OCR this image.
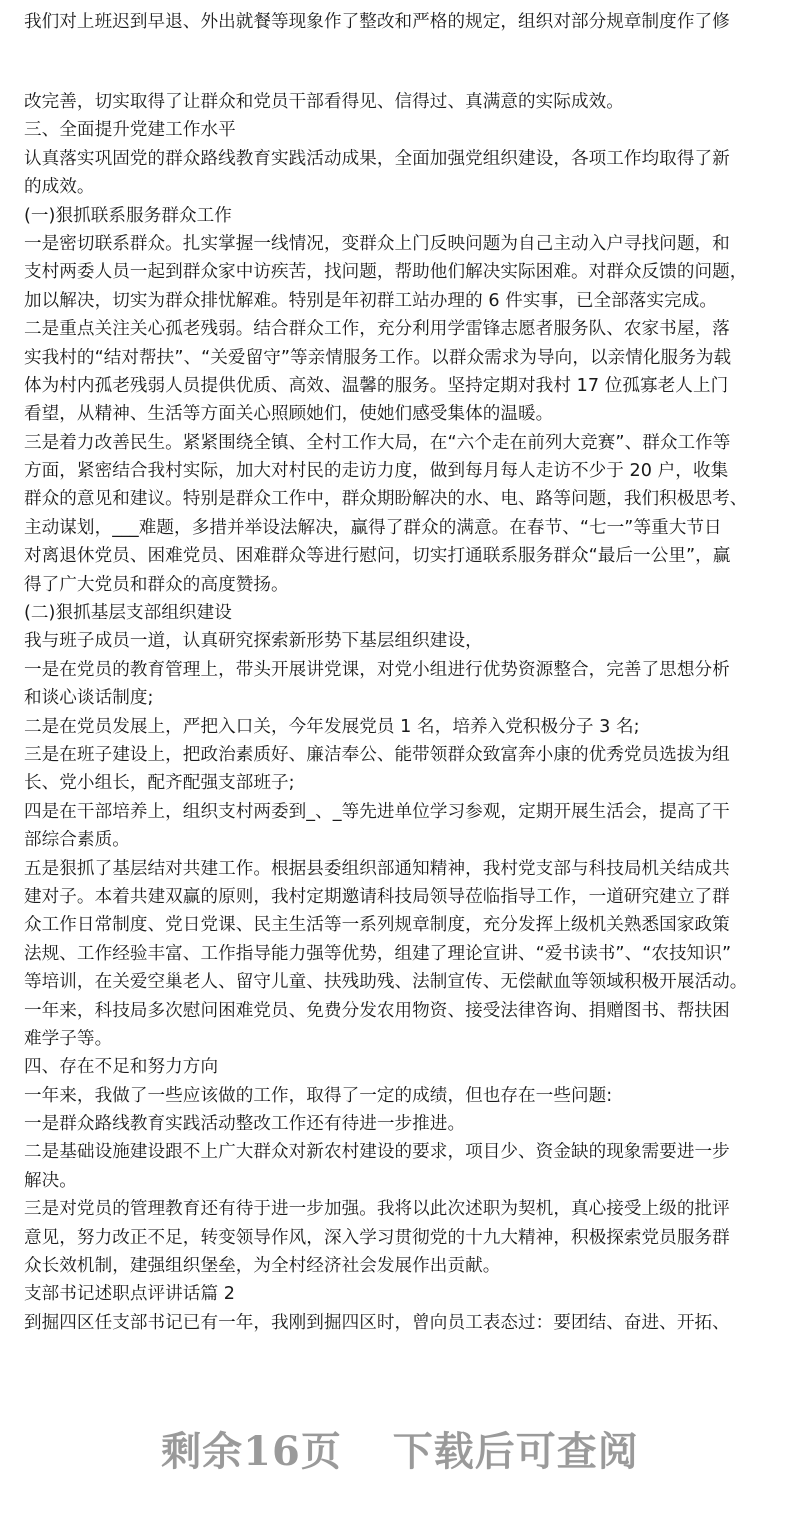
我们对上班迟到早退、外出就餐等现象作了整改和严格的规定，组织对部分规章制度作了修
改完善，切实取得了让群众和党员干部看得见、信得过、真满意的实际成效。
三、全面提升党建工作水平
认真落实巩固党的群众路线教育实践活动成果，全面加强党组织建设，各项工作均取得了新
的成效。
(一)狠抓联系服务群众工作
一是密切联系群众。扎实掌握一线情况，变群众上门反映问题为自己主动入户寻找问题，和
支村两委人员一起到群众家中访疾苦，找问题，帮助他们解决实际困难。对群众反馈的问题，
加以解决，切实为群众排忧解难。特别是年初群工站办理的 6 件实事，已全部落实完成。
二是重点关注关心孤老残弱。结合群众工作，充分利用学雷锋志愿者服务队、农家书屋，落
实我村的“结对帮扶”、“关爱留守”等亲情服务工作。以群众需求为导向，以亲情化服务为载
体为村内孤老残弱人员提供优质、高效、温馨的服务。坚持定期对我村 17 位孤寡老人上门
看望，从精神、生活等方面关心照顾她们，使她们感受集体的温暖。
三是着力改善民生。紧紧围绕全镇、全村工作大局，在“六个走在前列大竞赛”、群众工作等
方面，紧密结合我村实际，加大对村民的走访力度，做到每月每人走访不少于 20 户，收集
群众的意见和建议。特别是群众工作中，群众期盼解决的水、电、路等问题，我们积极思考、
主动谋划，___难题，多措并举设法解决，赢得了群众的满意。在春节、“七一”等重大节日
对离退休党员、困难党员、困难群众等进行慰问，切实打通联系服务群众“最后一公里”，赢
得了广大党员和群众的高度赞扬。
(二)狠抓基层支部组织建设
我与班子成员一道，认真研究探索新形势下基层组织建设，
一是在党员的教育管理上，带头开展讲党课，对党小组进行优势资源整合，完善了思想分析
和谈心谈话制度;
二是在党员发展上，严把入口关，今年发展党员 1 名，培养入党积极分子 3 名;
三是在班子建设上，把政治素质好、廉洁奉公、能带领群众致富奔小康的优秀党员选拔为组
长、党小组长，配齐配强支部班子;
四是在干部培养上，组织支村两委到_、_等先进单位学习参观，定期开展生活会，提高了干
部综合素质。
五是狠抓了基层结对共建工作。根据县委组织部通知精神，我村党支部与科技局机关结成共
建对子。本着共建双赢的原则，我村定期邀请科技局领导莅临指导工作，一道研究建立了群
众工作日常制度、党日党课、民主生活等一系列规章制度，充分发挥上级机关熟悉国家政策
法规、工作经验丰富、工作指导能力强等优势，组建了理论宣讲、“爱书读书”、“农技知识”
等培训，在关爱空巢老人、留守儿童、扶残助残、法制宣传、无偿献血等领域积极开展活动。
一年来，科技局多次慰问困难党员、免费分发农用物资、接受法律咨询、捐赠图书、帮扶困
难学子等。
四、存在不足和努力方向
一年来，我做了一些应该做的工作，取得了一定的成绩，但也存在一些问题:
一是群众路线教育实践活动整改工作还有待进一步推进。
二是基础设施建设跟不上广大群众对新农村建设的要求，项目少、资金缺的现象需要进一步
解决。
三是对党员的管理教育还有待于进一步加强。我将以此次述职为契机，真心接受上级的批评
意见，努力改正不足，转变领导作风，深入学习贯彻党的十九大精神，积极探索党员服务群
众长效机制，建强组织堡垒，为全村经济社会发展作出贡献。
支部书记述职点评讲话篇 2
到掘四区任支部书记已有一年，我刚到掘四区时，曾向员工表态过：要团结、奋进、开拓、
剩余16页 下载后可查阅
